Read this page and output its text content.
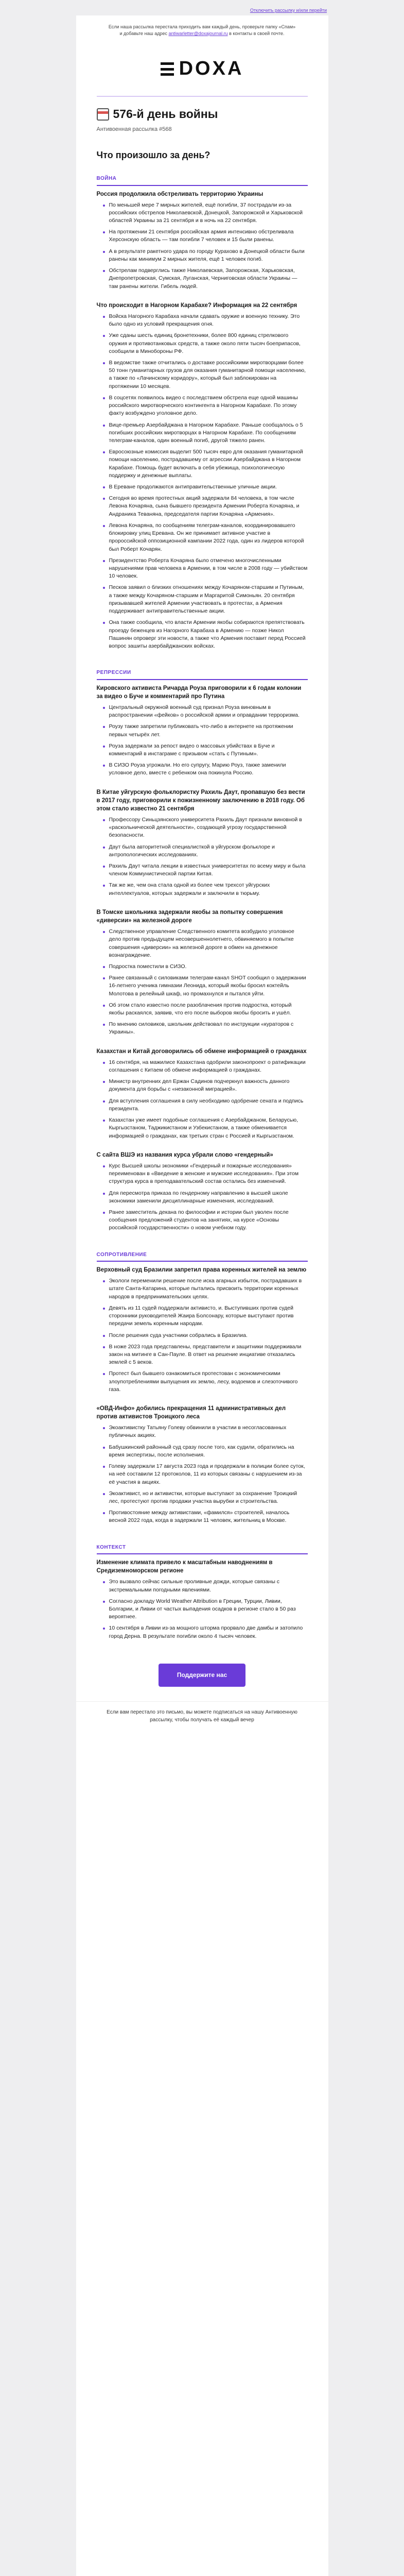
Отключить рассылку и/или перейти
Если наша рассылка перестала приходить вам каждый день, проверьте папку «Спам» и добавьте наш адрес antiwarletter@doxajournal.ru в контакты в своей почте.
DOXA
576-й день войны
Антивоенная рассылка #568
Что произошло за день?
ВОЙНА

Россия продолжила обстреливать территорию Украины

По меньшей мере 7 мирных жителей, ещё погибли, 37 пострадали из-за российских обстрелов Николаевской, Донецкой, Запорожской и Харьковской областей Украины за 21 сентября и в ночь на 22 сентября.
На протяжении 21 сентября российская армия интенсивно обстреливала Херсонскую область — там погибли 7 человек и 15 были ранены.
А в результате ракетного удара по городу Курахово в Донецкой области были ранены как минимум 2 мирных жителя, ещё 1 человек погиб.
Обстрелам подверглись также Николаевская, Запорожская, Харьковская, Днепропетровская, Сумская, Луганская, Черниговская области Украины — там ранены жители. Гибель людей.

Что происходит в Нагорном Карабахе? Информация на 22 сентября

Войска Нагорного Карабаха начали сдавать оружие и военную технику. Это было одно из условий прекращения огня.
Уже сданы шесть единиц бронетехники, более 800 единиц стрелкового оружия и противотанковых средств, а также около пяти тысяч боеприпасов, сообщили в Минобороны РФ.
В ведомстве также отчитались о доставке российскими миротворцами более 50 тонн гуманитарных грузов для оказания гуманитарной помощи населению, а также по «Лачинскому коридору», который был заблокирован на протяжении 10 месяцев.
В соцсетях появилось видео с последствием обстрела еще одной машины российского миротворческого контингента в Нагорном Карабахе. По этому факту возбуждено уголовное дело.
Вице-премьер Азербайджана в Нагорном Карабахе. Раньше сообщалось о 5 погибших российских миротворцах в Нагорном Карабахе. По сообщениям телеграм-каналов, один военный погиб, другой тяжело ранен.
Евросоюзные комиссия выделит 500 тысяч евро для оказания гуманитарной помощи населению, пострадавшему от агрессии Азербайджана в Нагорном Карабахе. Помощь будет включать в себя убежища, психологическую поддержку и денежные выплаты.
В Ереване продолжаются антиправительственные уличные акции.
Сегодня во время протестных акций задержали 84 человека, в том числе Левона Кочаряна, сына бывшего президента Армении Роберта Кочаряна, и Андраника Теваняна, председателя партии Кочаряна «Армения».
Левона Кочаряна, по сообщениям телеграм-каналов, координировавшего блокировку улиц Еревана. Он же принимает активное участие в пророссийской оппозиционной кампании 2022 года, один из лидеров которой был Роберт Кочарян.
Президентство Роберта Кочаряна было отмечено многочисленными нарушениями прав человека в Армении, в том числе в 2008 году — убийством 10 человек.
Песков заявил о близких отношениях между Кочаряном-старшим и Путиным, а также между Кочаряном-старшим и Маргаритой Симоньян. 20 сентября призывавшей жителей Армении участвовать в протестах, а Армения поддерживает антиправительственные акции.
Она также сообщила, что власти Армении якобы собираются препятствовать проезду беженцев из Нагорного Карабаха в Армению — позже Никол Пашинян опроверг эти новости, а также что Армения поставит перед Россией вопрос зашиты азербайджанских войсках.
РЕПРЕССИИ

Кировского активиста Ричарда Роуза приговорили к 6 годам колонии за видео о Буче и комментарий про Путина

Центральный окружной военный суд признал Роуза виновным в распространении «фейков» о российской армии и оправдании терроризма.
Роузу также запретили публиковать что-либо в интернете на протяжении первых четырёх лет.
Роуза задержали за репост видео о массовых убийствах в Буче и комментарий в инстаграме с призывом «стать с Путиным».
В СИЗО Роуза угрожали. Но его супругу, Марию Роуз, также заменили условное дело, вместе с ребенком она покинула Россию.

В Китае уйгурскую фольклористку Рахиль Даут, пропавшую без вести в 2017 году, приговорили к пожизненному заключению в 2018 году. Об этом стало известно 21 сентября

Профессору Синьцзянского университета Рахиль Даут признали виновной в «раскольнической деятельности», создающей угрозу государственной безопасности.
Даут была авторитетной специалисткой в уйгурском фольклоре и антропологических исследованиях.
Рахиль Даут читала лекции в известных университетах по всему миру и была членом Коммунистической партии Китая.
Так же же, чем она стала одной из более чем трехсот уйгурских интеллектуалов, которых задержали и заключили в тюрьму.

В Томске школьника задержали якобы за попытку совершения «диверсии» на железной дороге

Следственное управление Следственного комитета возбудило уголовное дело против предыдущем несовершеннолетнего, обвиняемого в попытке совершения «диверсии» на железной дороге в обмен на денежное вознаграждение.
Подростка поместили в СИЗО.
Ранее связанный с силовиками телеграм-канал SHOT сообщил о задержании 16-летнего ученика гимназии Леонида, который якобы бросил коктейль Молотова в релейный шкаф, но промахнулся и пытался уйти.
Об этом стало известно после разоблачения против подростка, который якобы раскаялся, заявив, что его после выборов якобы бросить и ушёл.
По мнению силовиков, школьник действовал по инструкции «кураторов с Украины».

Казахстан и Китай договорились об обмене информацией о гражданах

16 сентября, на мажилисе Казахстана одобрили законопроект о ратификации соглашения с Китаем об обмене информацией о гражданах.
Министр внутренних дел Ержан Садинов подчеркнул важность данного документа для борьбы с «незаконной миграцией».
Для вступления соглашения в силу необходимо одобрение сената и подпись президента.
Казахстан уже имеет подобные соглашения с Азербайджаном, Беларусью, Кыргызстаном, Таджикистаном и Узбекистаном, а также обменивается информацией о гражданах, как третьих стран с Россией и Кыргызстаном.

С сайта ВШЭ из названия курса убрали слово «гендерный»

Курс Высшей школы экономики «Гендерный и пожарные исследования» переименован в «Введение в женские и мужские исследования». При этом структура курса в преподавательский состав остались без изменений.
Для пересмотра приказа по гендерному направлению в высшей школе экономики заменили дисциплинарные изменения, исследований.
Ранее заместитель декана по философии и истории был уволен после сообщения предложений студентов на занятиях, на курсе «Основы российской государственности» о новом учебном году.
СОПРОТИВЛЕНИЕ

Верховный суд Бразилии запретил права коренных жителей на землю

Экологи переменили решение после иска агарных избыток, пострадавших в штате Санта-Катарина, которые пытались присвоить территории коренных народов в предпринимательских целях.
Девять из 11 судей поддержали активисто, и. Выступивших против судей сторонники руководителей Жаира Болсонару, которые выступают против передачи земель коренным народам.
После решения суда участники собрались в Бразилиа.
В ноже 2023 года представлены, представители и защитники поддерживали закон на митинге в Сан-Пауле. В ответ на решение инциативе отказались землей с 5 веков.
Протест был бывшего ознакомиться протестован с экономическими злоупотреблениями выпущения их землю, лесу, водоемов и слезоточивого газа.

«ОВД-Инфо» добились прекращения 11 административных дел против активистов Троицкого леса

Экоактивистку Татьяну Голеву обвинили в участии в несогласованных публичных акциях.
Бабушкинский районный суд сразу после того, как судили, обратились на время экспертизы, после исполнения.
Голеву задержали 17 августа 2023 года и продержали в полиции более суток, на неё составили 12 протоколов, 11 из которых связаны с нарушением из-за её участия в акциях.
Экоактивист, но и активистки, которые выступают за сохранение Троицкий лес, протестуют против продажи участка вырубки и строительства.
Противостояние между активистами, «фамился» строителей, началось весной 2022 года, когда в задержали 11 человек, жительниц в Москве.
КОНТЕКСТ

Изменение климата привело к масштабным наводнениям в Средиземноморском регионе

Это вызвало сейчас сильные проливные дожди, которые связаны с экстремальными погодными явлениями.
Согласно докладу World Weather Attribution в Греции, Турции, Ливии, Болгарии, и Ливии от частых выпадения осадков в регионе стало в 50 раз вероятнее.
10 сентября в Ливии из-за мощного шторма прорвало две дамбы и затопило город Дерна. В результате погибли около 4 тысяч человек.
Поддержите нас
Если вам перестало это письмо, вы можете подписаться на нашу Антивоенную рассылку, чтобы получать её каждый вечер
